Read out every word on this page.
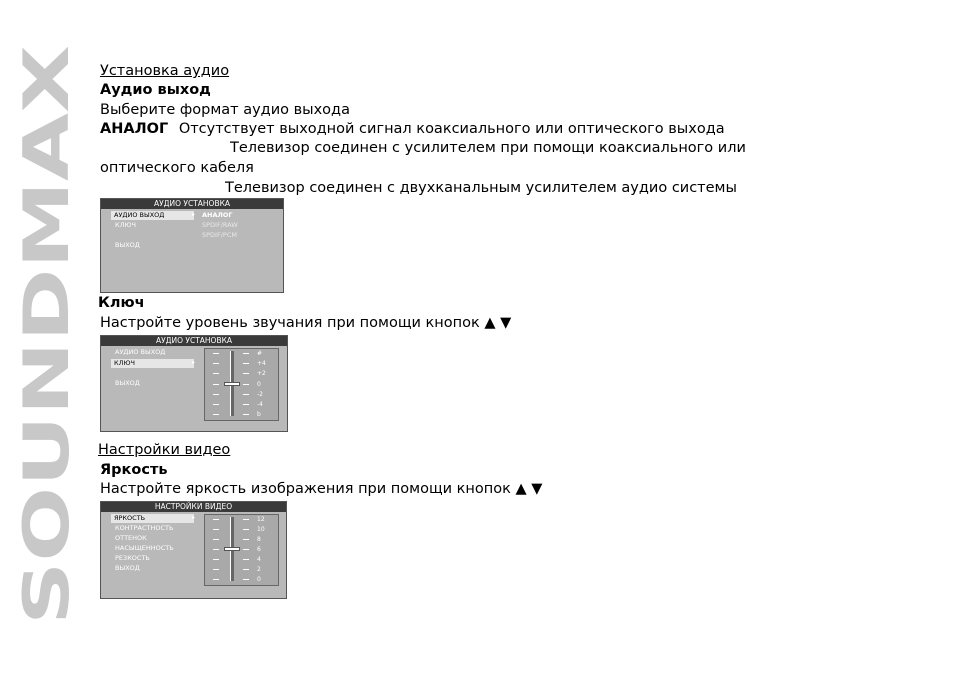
SOUNDMAX
Установка аудио
Аудио выход
Выберите формат аудио выхода
АНАЛОГ Отсутствует выходной сигнал коаксиального или оптического выхода
Телевизор соединен с усилителем при помощи коаксиального или
оптического кабеля
Телевизор соединен с двухканальным усилителем аудио системы
АУДИО УСТАНОВКА
АУДИО ВЫХОД	▸
КЛЮЧ
ВЫХОД
АНАЛОГ
SPDIF/RAW
SPDIF/PCM
Ключ
Настройте уровень звучания при помощи кнопок ▲ ▼
АУДИО УСТАНОВКА
АУДИО ВЫХОД
КЛЮЧ	▸
ВЫХОД
#
+4
+2
0
-2
-4
b
Настройки видео
Яркость
Настройте яркость изображения при помощи кнопок ▲ ▼
НАСТРОЙКИ ВИДЕО
ЯРКОСТЬ	▸
КОНТРАСТНОСТЬ
ОТТЕНОК
НАСЫЩЕННОСТЬ
РЕЗКОСТЬ
ВЫХОД
12
10
8
6
4
2
0
